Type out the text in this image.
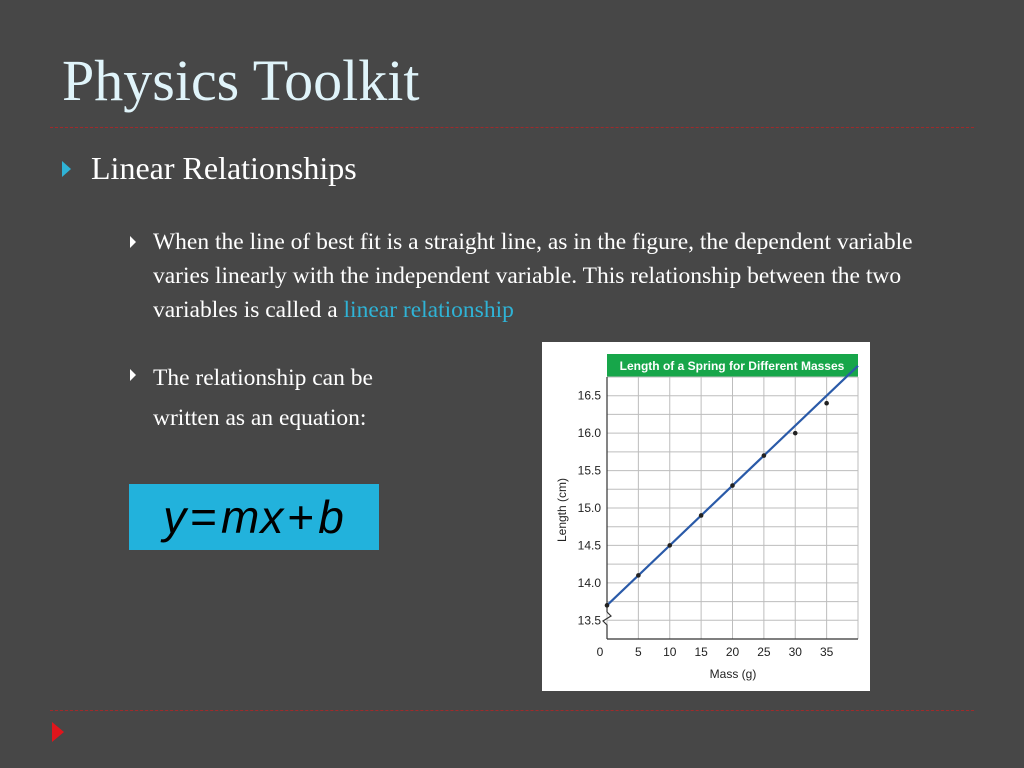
Physics Toolkit
Linear Relationships
When the line of best fit is a straight line, as in the figure, the dependent variable varies linearly with the independent variable. This relationship between the two variables is called a linear relationship
The relationship can be
written as an equation:
y = mx + b
Length of a Spring for Different Masses
0	5 10 15 20 25 30 35
13.5
14.0
14.5
15.0
15.5
16.0
16.5
Mass (g)
Length (cm)
